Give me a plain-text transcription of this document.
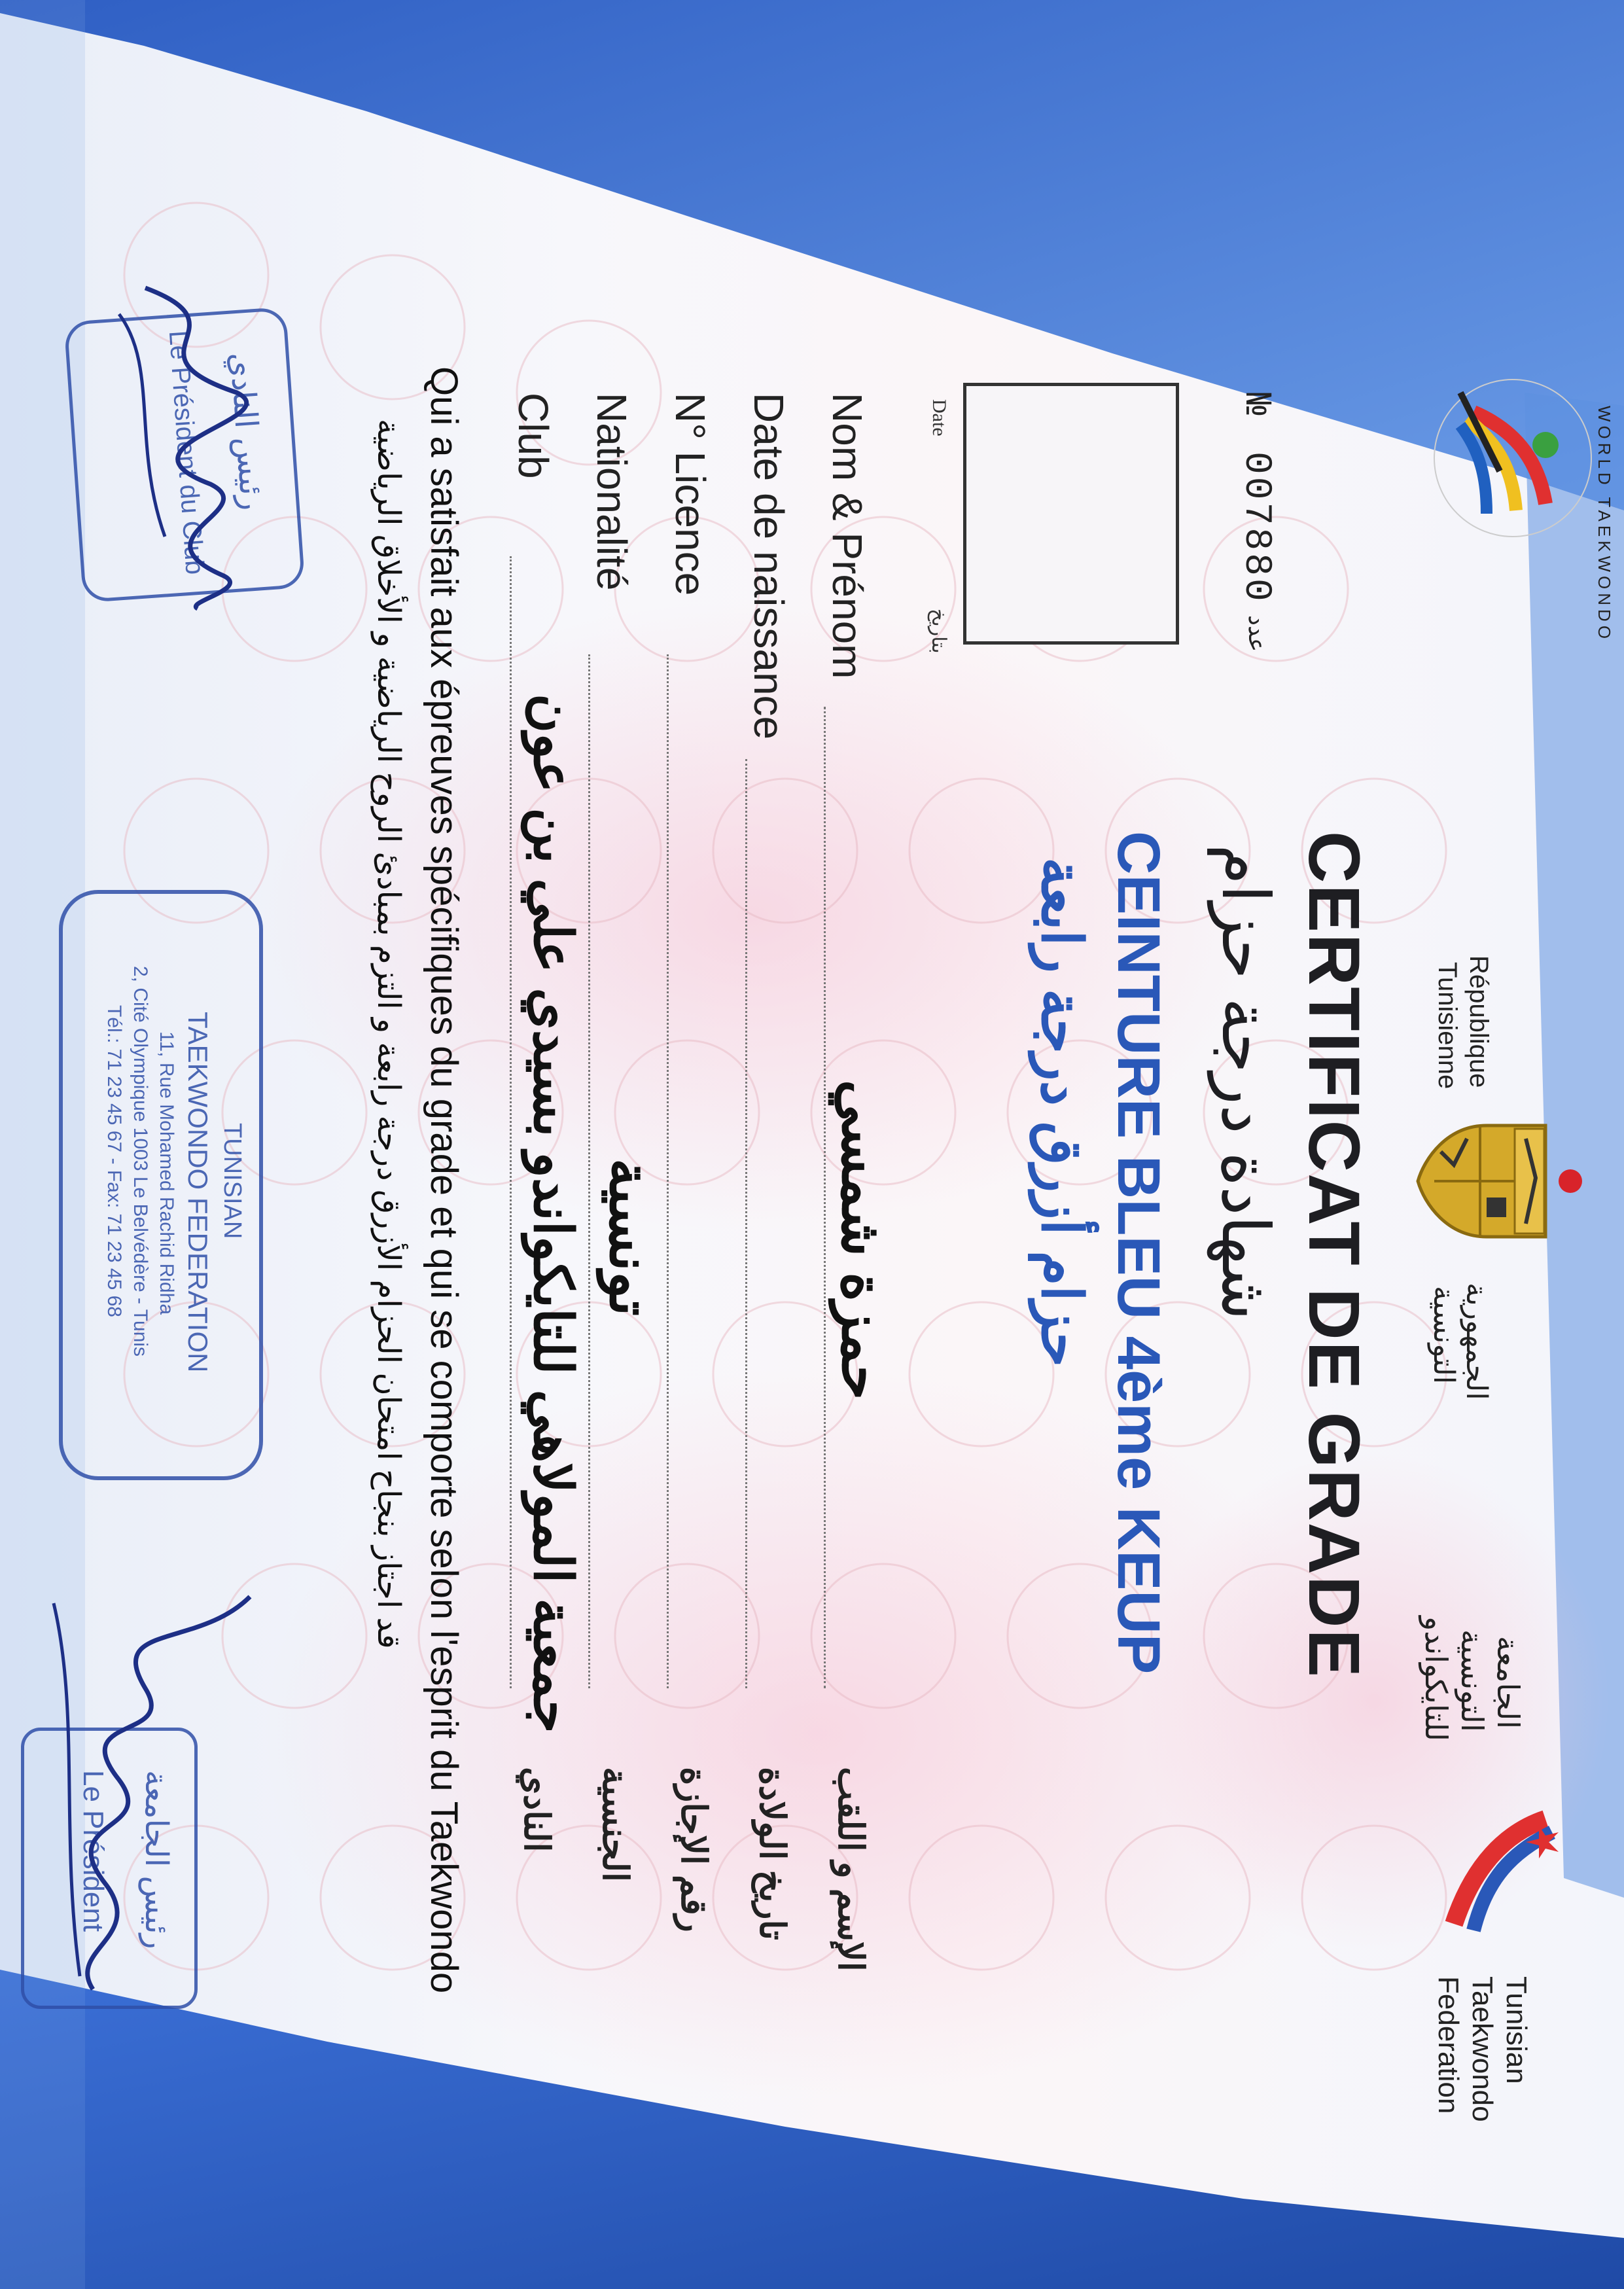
WORLD TAEKWONDO
République
Tunisienne
الجمهورية
التونسية
الجامعة
التونسية
للتايكواندو
Tunisian
Taekwondo
Federation
CERTIFICAT DE GRADE
شهادة درجة حزام
CEINTURE BLEU 4ème KEUP
حزام أزرق درجة رابعة
№
007880
عدد
Date
بتاريخ
Nom & Prénom
حمزة شمسي
الإسم و اللقب
Date de naissance
تاريخ الولادة
N° Licence
رقم الإجازة
Nationalité
تونسية
الجنسية
Club
جمعية المولاهي للتايكواندو بسيدي علي بن عون
النادي
Qui a satisfait aux épreuves spécifiques du grade et qui se comporte selon l'esprit du Taekwondo
قد اجتاز بنجاح امتحان الحزام الأزرق درجة رابعة و التزم بمبادئ الروح الرياضية و الأخلاق الرياضية
رئيس النادي
Le Président du Club
TUNISIAN
TAEKWONDO FEDERATION
11, Rue Mohamed Rachid Ridha
2, Cité Olympique 1003 Le Belvédère - Tunis
Tél.: 71 23 45 67 - Fax: 71 23 45 68
رئيس الجامعة
Le Président
